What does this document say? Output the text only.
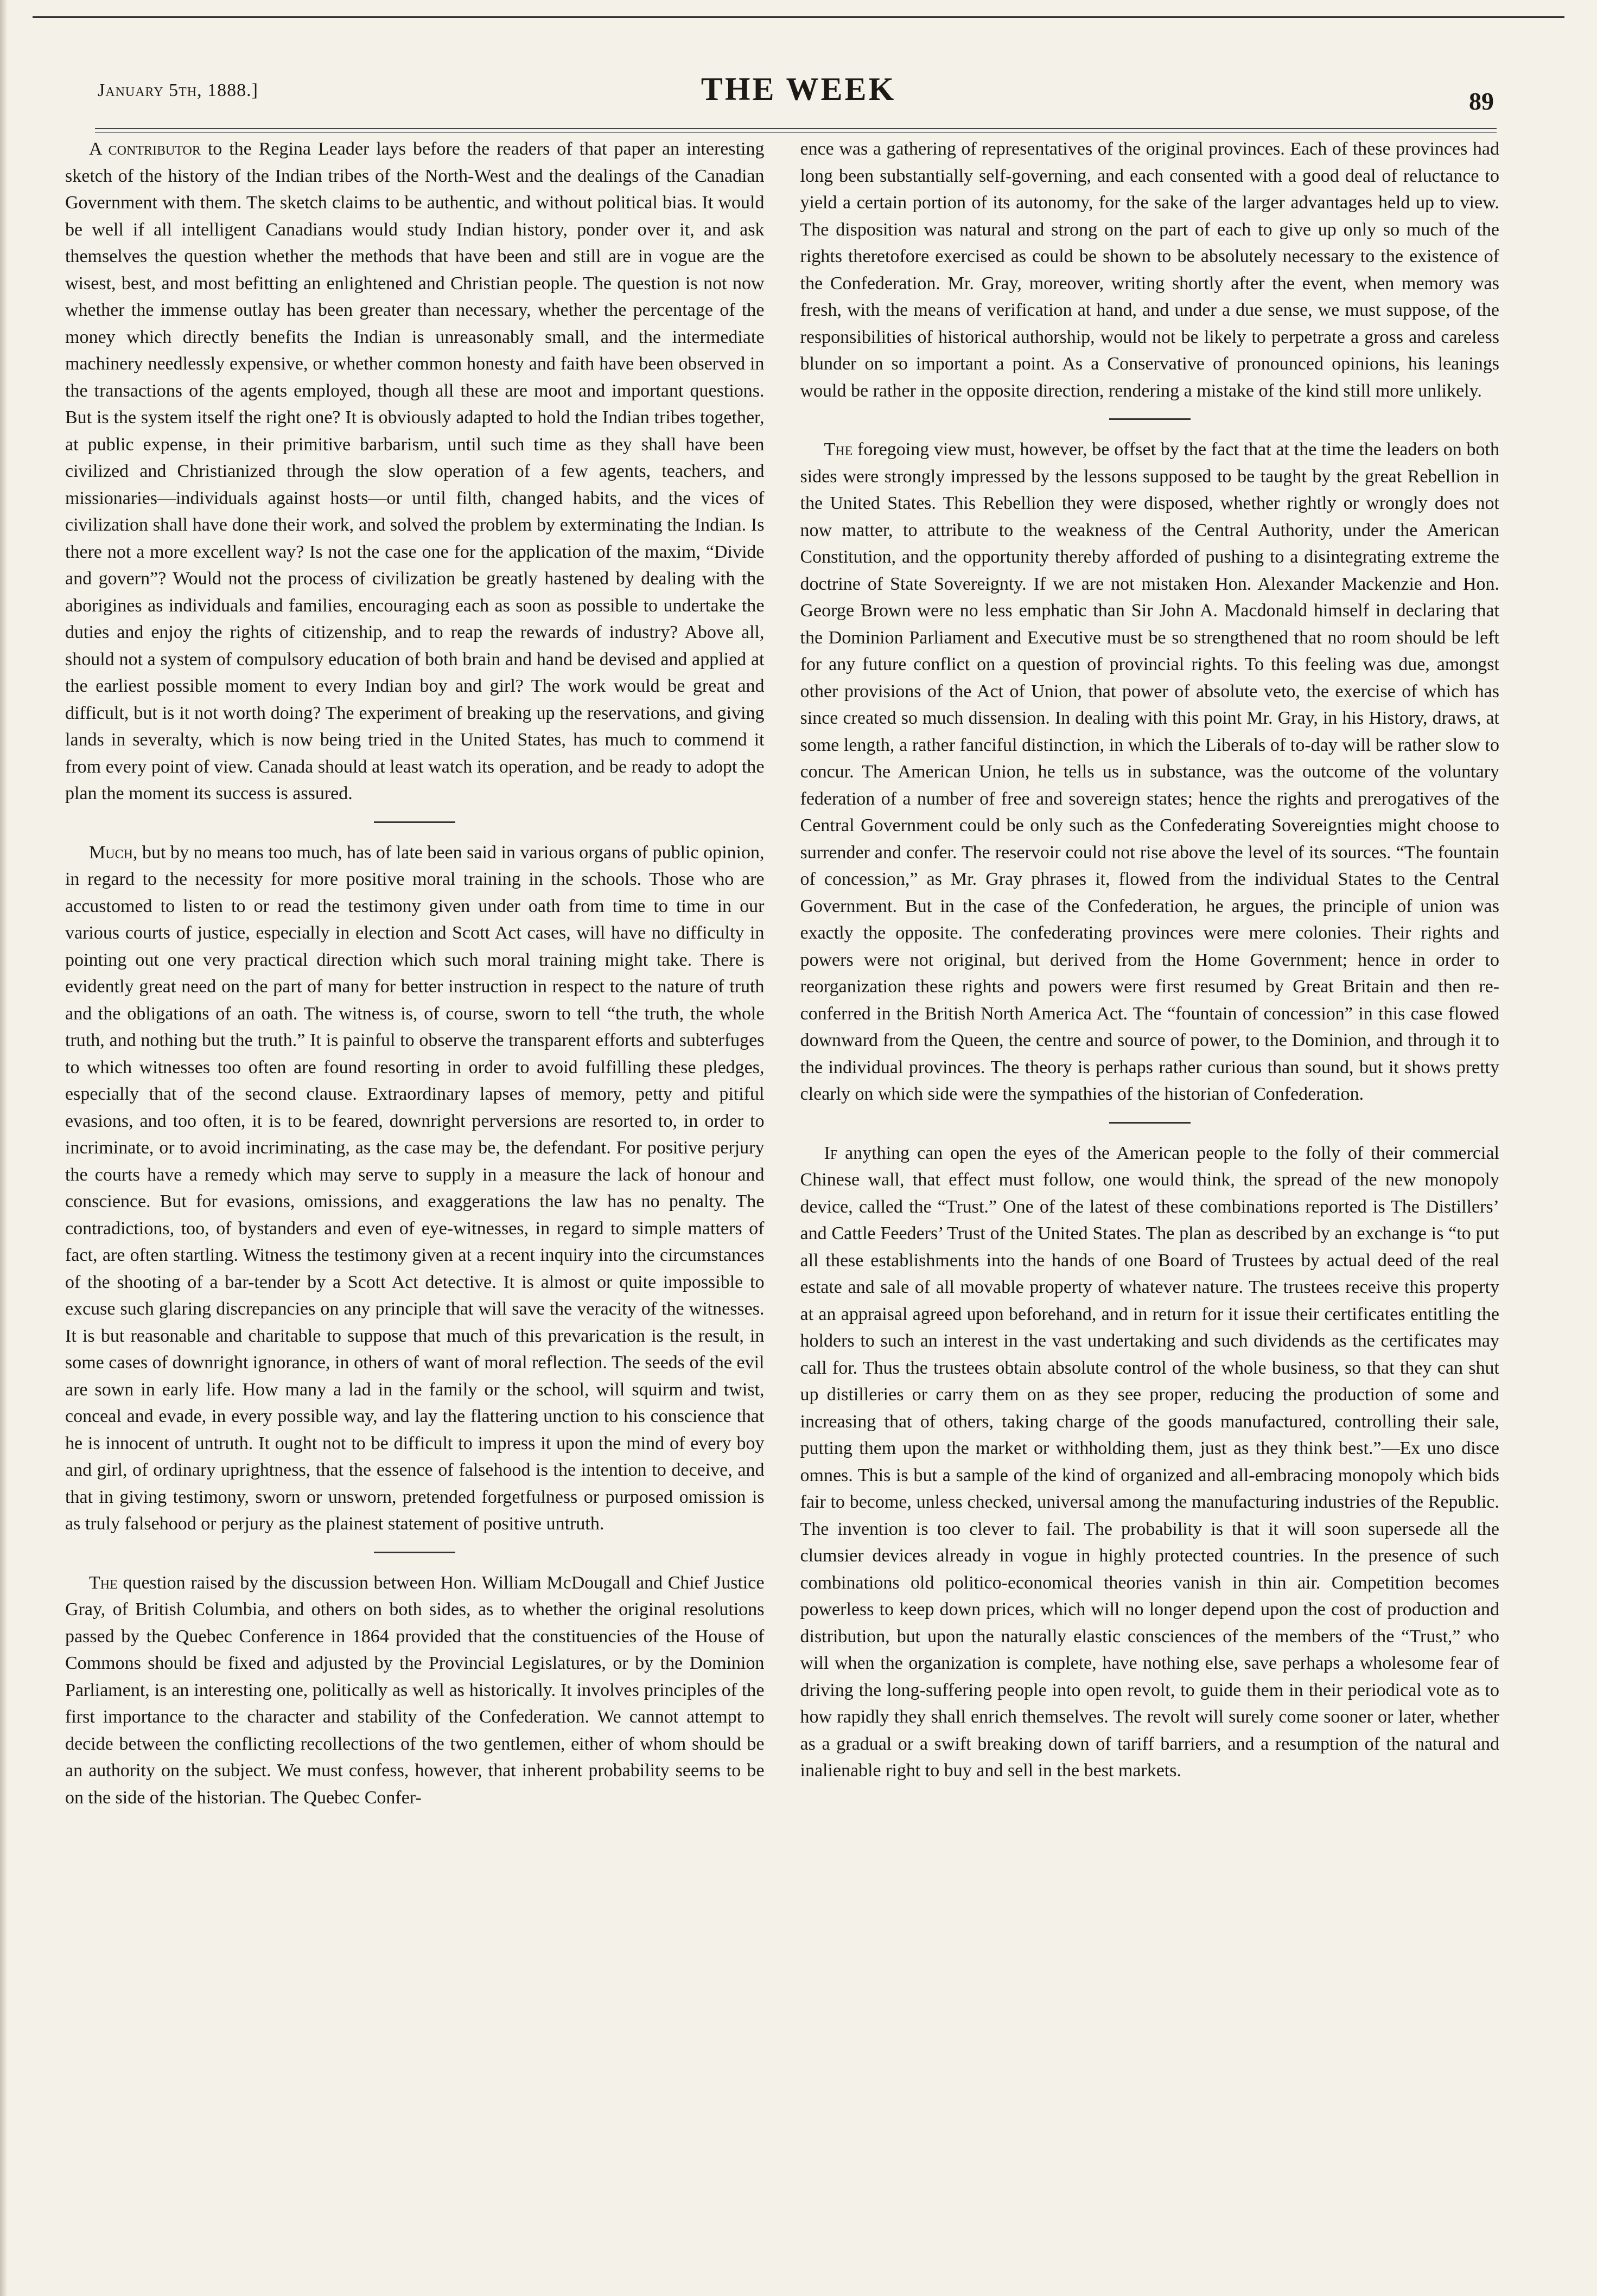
January 5th, 1888.]	THE WEEK	89

A contributor to the Regina Leader lays before the readers of that paper an interesting sketch of the history of the Indian tribes of the North-West and the dealings of the Canadian Government with them. The sketch claims to be authentic, and without political bias. It would be well if all intelligent Canadians would study Indian history, ponder over it, and ask themselves the question whether the methods that have been and still are in vogue are the wisest, best, and most befitting an enlightened and Christian people. The question is not now whether the immense outlay has been greater than necessary, whether the percentage of the money which directly benefits the Indian is unreasonably small, and the intermediate machinery needlessly expensive, or whether common honesty and faith have been observed in the transactions of the agents employed, though all these are moot and important questions. But is the system itself the right one? It is obviously adapted to hold the Indian tribes together, at public expense, in their primitive barbarism, until such time as they shall have been civilized and Christianized through the slow operation of a few agents, teachers, and missionaries—individuals against hosts—or until filth, changed habits, and the vices of civilization shall have done their work, and solved the problem by exterminating the Indian. Is there not a more excellent way? Is not the case one for the application of the maxim, “Divide and govern”? Would not the process of civilization be greatly hastened by dealing with the aborigines as individuals and families, encouraging each as soon as possible to undertake the duties and enjoy the rights of citizenship, and to reap the rewards of industry? Above all, should not a system of compulsory education of both brain and hand be devised and applied at the earliest possible moment to every Indian boy and girl? The work would be great and difficult, but is it not worth doing? The experiment of breaking up the reservations, and giving lands in severalty, which is now being tried in the United States, has much to commend it from every point of view. Canada should at least watch its operation, and be ready to adopt the plan the moment its success is assured.

Much, but by no means too much, has of late been said in various organs of public opinion, in regard to the necessity for more positive moral training in the schools. Those who are accustomed to listen to or read the testimony given under oath from time to time in our various courts of justice, especially in election and Scott Act cases, will have no difficulty in pointing out one very practical direction which such moral training might take. There is evidently great need on the part of many for better instruction in respect to the nature of truth and the obligations of an oath. The witness is, of course, sworn to tell “the truth, the whole truth, and nothing but the truth.” It is painful to observe the transparent efforts and subterfuges to which witnesses too often are found resorting in order to avoid fulfilling these pledges, especially that of the second clause. Extraordinary lapses of memory, petty and pitiful evasions, and too often, it is to be feared, downright perversions are resorted to, in order to incriminate, or to avoid incriminating, as the case may be, the defendant. For positive perjury the courts have a remedy which may serve to supply in a measure the lack of honour and conscience. But for evasions, omissions, and exaggerations the law has no penalty. The contradictions, too, of bystanders and even of eye-witnesses, in regard to simple matters of fact, are often startling. Witness the testimony given at a recent inquiry into the circumstances of the shooting of a bar-tender by a Scott Act detective. It is almost or quite impossible to excuse such glaring discrepancies on any principle that will save the veracity of the witnesses. It is but reasonable and charitable to suppose that much of this prevarication is the result, in some cases of downright ignorance, in others of want of moral reflection. The seeds of the evil are sown in early life. How many a lad in the family or the school, will squirm and twist, conceal and evade, in every possible way, and lay the flattering unction to his conscience that he is innocent of untruth. It ought not to be difficult to impress it upon the mind of every boy and girl, of ordinary uprightness, that the essence of falsehood is the intention to deceive, and that in giving testimony, sworn or unsworn, pretended forgetfulness or purposed omission is as truly falsehood or perjury as the plainest statement of positive untruth.

The question raised by the discussion between Hon. William McDougall and Chief Justice Gray, of British Columbia, and others on both sides, as to whether the original resolutions passed by the Quebec Conference in 1864 provided that the constituencies of the House of Commons should be fixed and adjusted by the Provincial Legislatures, or by the Dominion Parliament, is an interesting one, politically as well as historically. It involves principles of the first importance to the character and stability of the Confederation. We cannot attempt to decide between the conflicting recollections of the two gentlemen, either of whom should be an authority on the subject. We must confess, however, that inherent probability seems to be on the side of the historian. The Quebec Confer-

ence was a gathering of representatives of the original provinces. Each of these provinces had long been substantially self-governing, and each consented with a good deal of reluctance to yield a certain portion of its autonomy, for the sake of the larger advantages held up to view. The disposition was natural and strong on the part of each to give up only so much of the rights theretofore exercised as could be shown to be absolutely necessary to the existence of the Confederation. Mr. Gray, moreover, writing shortly after the event, when memory was fresh, with the means of verification at hand, and under a due sense, we must suppose, of the responsibilities of historical authorship, would not be likely to perpetrate a gross and careless blunder on so important a point. As a Conservative of pronounced opinions, his leanings would be rather in the opposite direction, rendering a mistake of the kind still more unlikely.

The foregoing view must, however, be offset by the fact that at the time the leaders on both sides were strongly impressed by the lessons supposed to be taught by the great Rebellion in the United States. This Rebellion they were disposed, whether rightly or wrongly does not now matter, to attribute to the weakness of the Central Authority, under the American Constitution, and the opportunity thereby afforded of pushing to a disintegrating extreme the doctrine of State Sovereignty. If we are not mistaken Hon. Alexander Mackenzie and Hon. George Brown were no less emphatic than Sir John A. Macdonald himself in declaring that the Dominion Parliament and Executive must be so strengthened that no room should be left for any future conflict on a question of provincial rights. To this feeling was due, amongst other provisions of the Act of Union, that power of absolute veto, the exercise of which has since created so much dissension. In dealing with this point Mr. Gray, in his History, draws, at some length, a rather fanciful distinction, in which the Liberals of to-day will be rather slow to concur. The American Union, he tells us in substance, was the outcome of the voluntary federation of a number of free and sovereign states; hence the rights and prerogatives of the Central Government could be only such as the Confederating Sovereignties might choose to surrender and confer. The reservoir could not rise above the level of its sources. “The fountain of concession,” as Mr. Gray phrases it, flowed from the individual States to the Central Government. But in the case of the Confederation, he argues, the principle of union was exactly the opposite. The confederating provinces were mere colonies. Their rights and powers were not original, but derived from the Home Government; hence in order to reorganization these rights and powers were first resumed by Great Britain and then re-conferred in the British North America Act. The “fountain of concession” in this case flowed downward from the Queen, the centre and source of power, to the Dominion, and through it to the individual provinces. The theory is perhaps rather curious than sound, but it shows pretty clearly on which side were the sympathies of the historian of Confederation.

If anything can open the eyes of the American people to the folly of their commercial Chinese wall, that effect must follow, one would think, the spread of the new monopoly device, called the “Trust.” One of the latest of these combinations reported is The Distillers’ and Cattle Feeders’ Trust of the United States. The plan as described by an exchange is “to put all these establishments into the hands of one Board of Trustees by actual deed of the real estate and sale of all movable property of whatever nature. The trustees receive this property at an appraisal agreed upon beforehand, and in return for it issue their certificates entitling the holders to such an interest in the vast undertaking and such dividends as the certificates may call for. Thus the trustees obtain absolute control of the whole business, so that they can shut up distilleries or carry them on as they see proper, reducing the production of some and increasing that of others, taking charge of the goods manufactured, controlling their sale, putting them upon the market or withholding them, just as they think best.”—Ex uno disce omnes. This is but a sample of the kind of organized and all-embracing monopoly which bids fair to become, unless checked, universal among the manufacturing industries of the Republic. The invention is too clever to fail. The probability is that it will soon supersede all the clumsier devices already in vogue in highly protected countries. In the presence of such combinations old politico-economical theories vanish in thin air. Competition becomes powerless to keep down prices, which will no longer depend upon the cost of production and distribution, but upon the naturally elastic consciences of the members of the “Trust,” who will when the organization is complete, have nothing else, save perhaps a wholesome fear of driving the long-suffering people into open revolt, to guide them in their periodical vote as to how rapidly they shall enrich themselves. The revolt will surely come sooner or later, whether as a gradual or a swift breaking down of tariff barriers, and a resumption of the natural and inalienable right to buy and sell in the best markets.
